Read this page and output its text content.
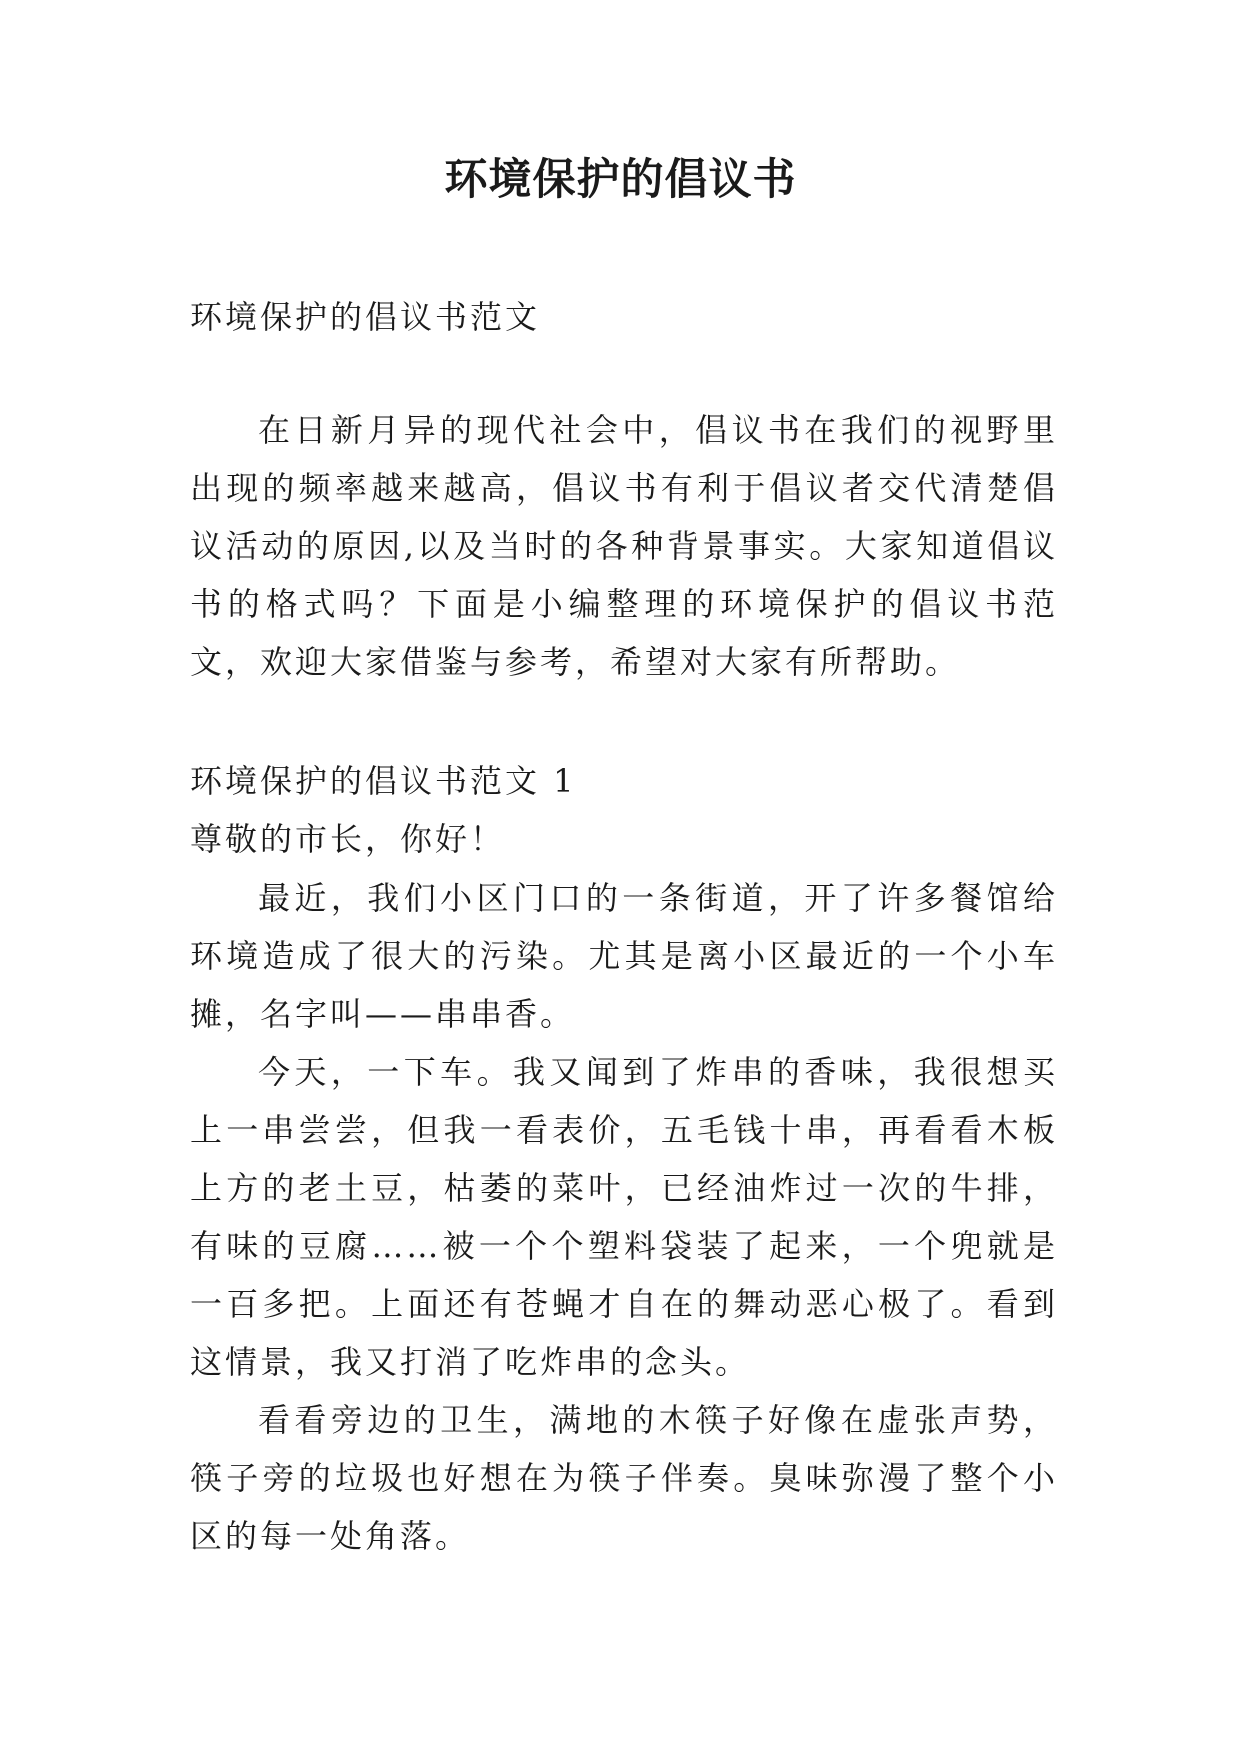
环境保护的倡议书
环境保护的倡议书范文
在日新月异的现代社会中，倡议书在我们的视野里出现的频率越来越高，倡议书有利于倡议者交代清楚倡议活动的原因,以及当时的各种背景事实。大家知道倡议书的格式吗？下面是小编整理的环境保护的倡议书范文，欢迎大家借鉴与参考，希望对大家有所帮助。
环境保护的倡议书范文 1
尊敬的市长，你好！

最近，我们小区门口的一条街道，开了许多餐馆给环境造成了很大的污染。尤其是离小区最近的一个小车摊，名字叫——串串香。

今天，一下车。我又闻到了炸串的香味，我很想买上一串尝尝，但我一看表价，五毛钱十串，再看看木板上方的老土豆，枯萎的菜叶，已经油炸过一次的牛排，有味的豆腐……被一个个塑料袋装了起来，一个兜就是一百多把。上面还有苍蝇才自在的舞动恶心极了。看到这情景，我又打消了吃炸串的念头。

看看旁边的卫生，满地的木筷子好像在虚张声势，筷子旁的垃圾也好想在为筷子伴奏。臭味弥漫了整个小区的每一处角落。
